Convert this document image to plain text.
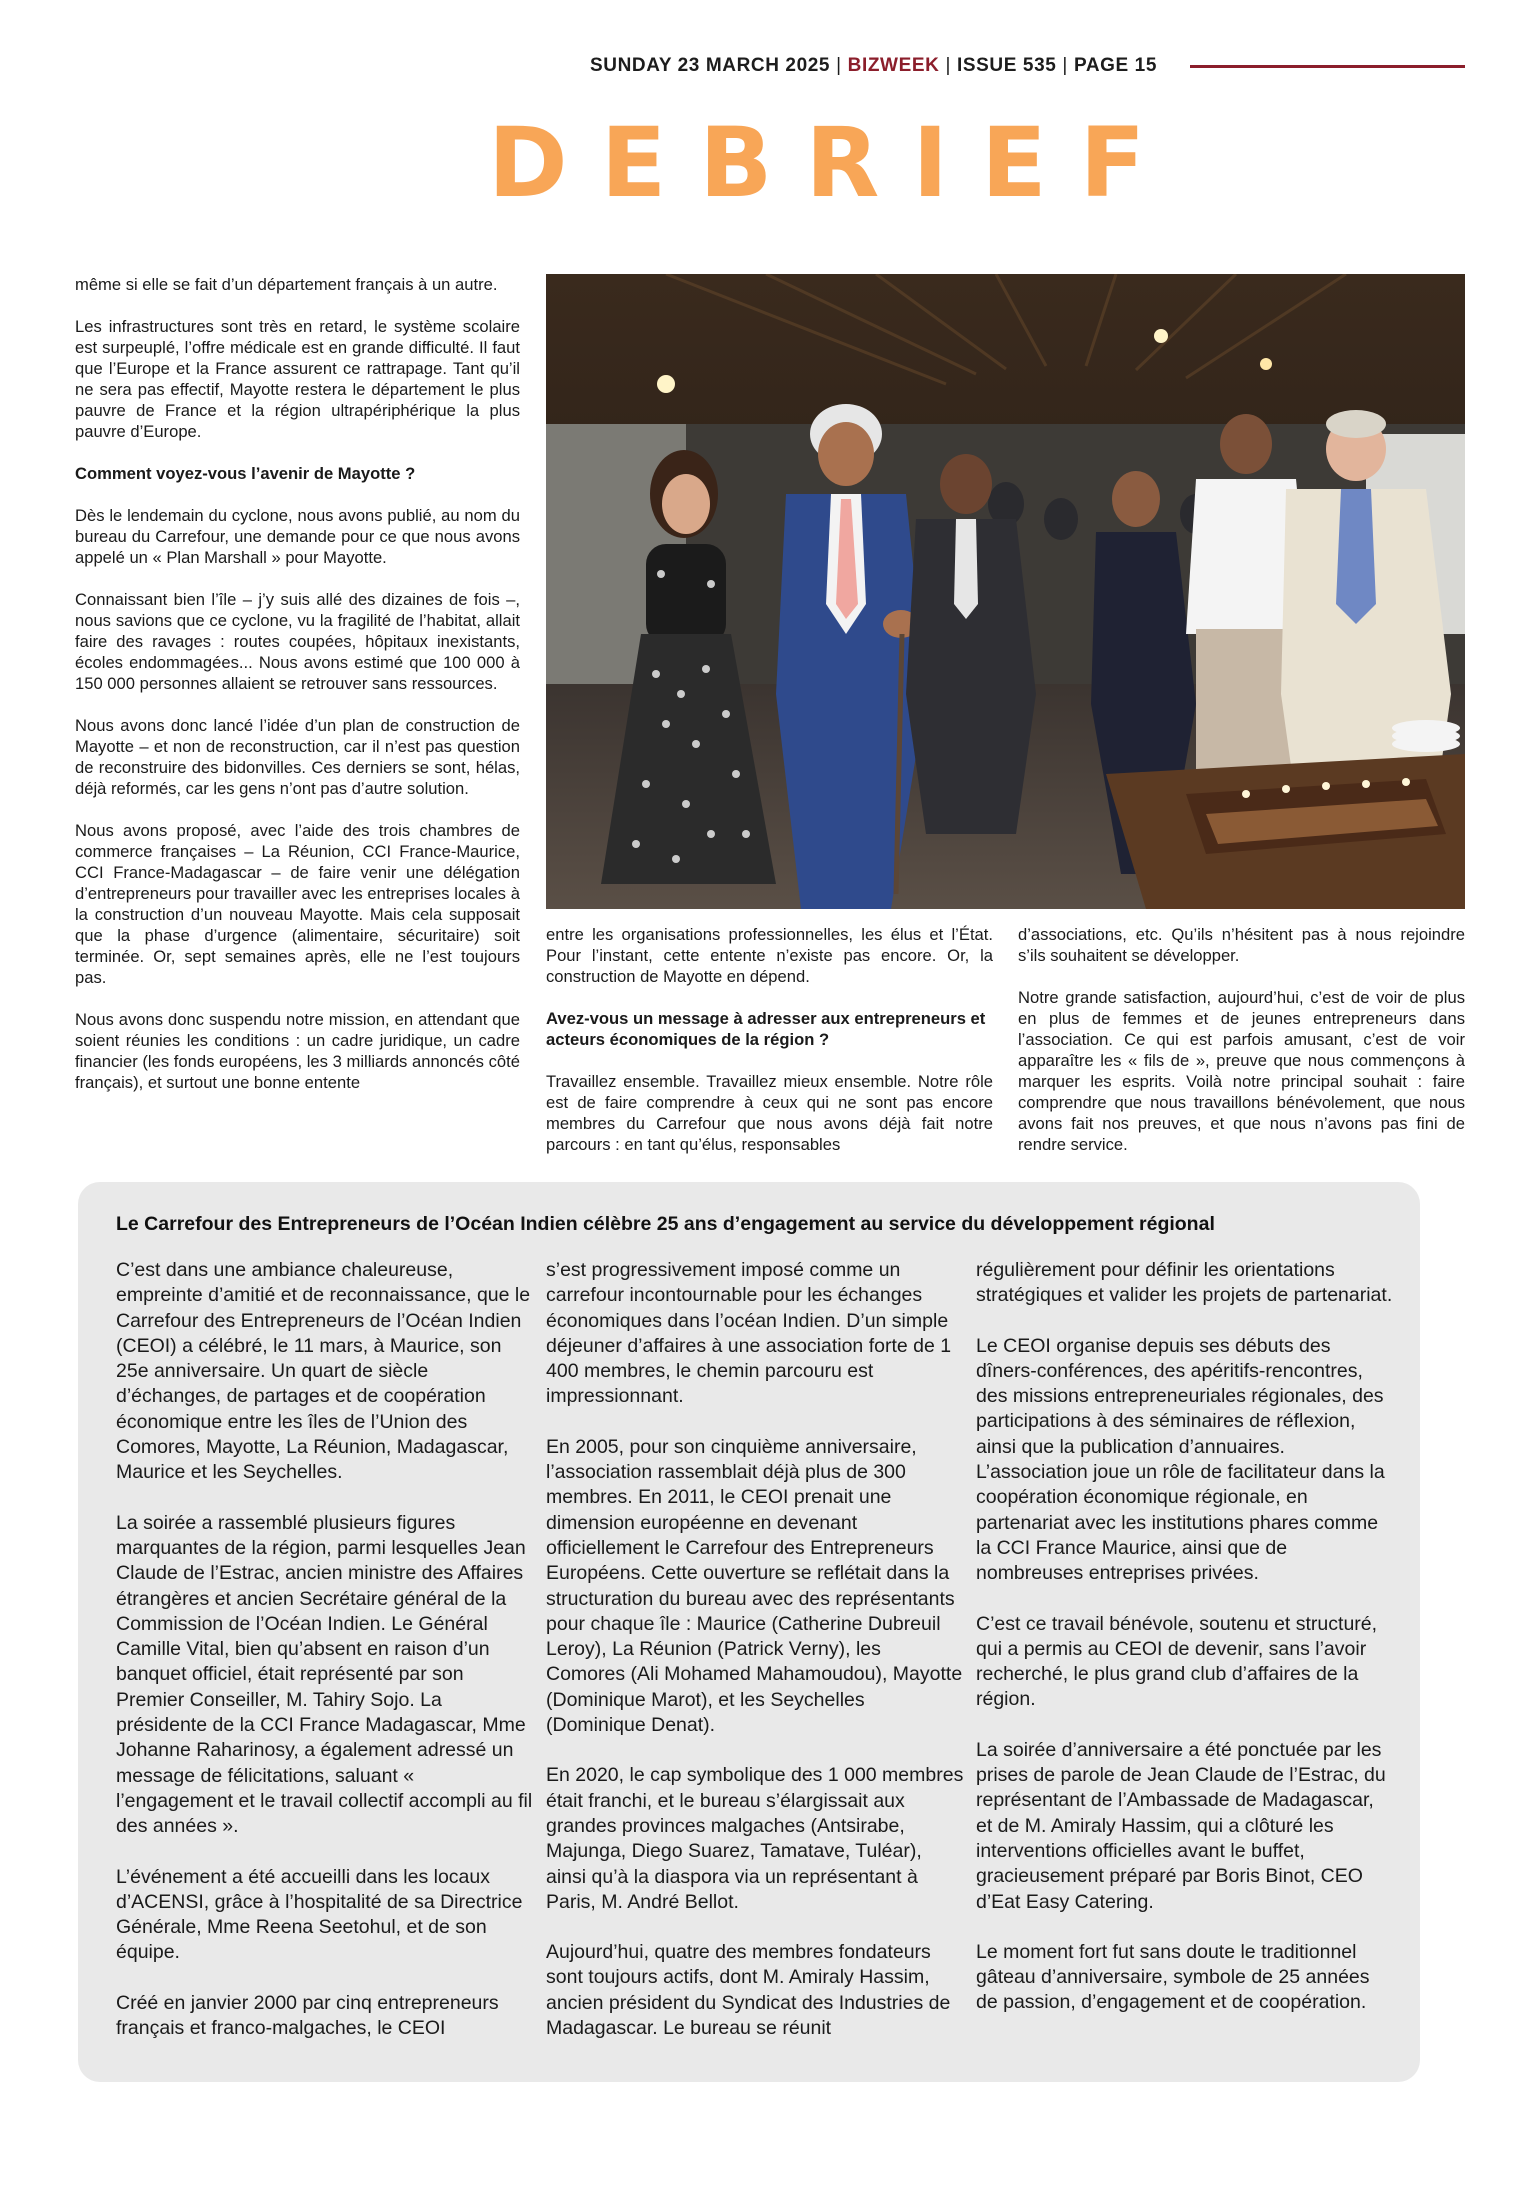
SUNDAY 23 MARCH 2025 | BIZWEEK | ISSUE 535 | PAGE 15
DEBRIEF

même si elle se fait d’un département français à un autre.

Les infrastructures sont très en retard, le système scolaire est surpeuplé, l’offre médicale est en grande difficulté. Il faut que l’Europe et la France assurent ce rattrapage. Tant qu’il ne sera pas effectif, Mayotte restera le département le plus pauvre de France et la région ultrapériphérique la plus pauvre d’Europe.

Comment voyez-vous l’avenir de Mayotte ?

Dès le lendemain du cyclone, nous avons publié, au nom du bureau du Carrefour, une demande pour ce que nous avons appelé un « Plan Marshall » pour Mayotte.

Connaissant bien l’île – j’y suis allé des dizaines de fois –, nous savions que ce cyclone, vu la fragilité de l’habitat, allait faire des ravages : routes coupées, hôpitaux inexistants, écoles endommagées... Nous avons estimé que 100 000 à 150 000 personnes allaient se retrouver sans ressources.

Nous avons donc lancé l’idée d’un plan de construction de Mayotte – et non de reconstruction, car il n’est pas question de reconstruire des bidonvilles. Ces derniers se sont, hélas, déjà reformés, car les gens n’ont pas d’autre solution.

Nous avons proposé, avec l’aide des trois chambres de commerce françaises – La Réunion, CCI France-Maurice, CCI France-Madagascar – de faire venir une délégation d’entrepreneurs pour travailler avec les entreprises locales à la construction d’un nouveau Mayotte. Mais cela supposait que la phase d’urgence (alimentaire, sécuritaire) soit terminée. Or, sept semaines après, elle ne l’est toujours pas.

Nous avons donc suspendu notre mission, en attendant que soient réunies les conditions : un cadre juridique, un cadre financier (les fonds européens, les 3 milliards annoncés côté français), et surtout une bonne entente

entre les organisations professionnelles, les élus et l’État. Pour l’instant, cette entente n’existe pas encore. Or, la construction de Mayotte en dépend.

Avez-vous un message à adresser aux entrepreneurs et acteurs économiques de la région ?

Travaillez ensemble. Travaillez mieux ensemble. Notre rôle est de faire comprendre à ceux qui ne sont pas encore membres du Carrefour que nous avons déjà fait notre parcours : en tant qu’élus, responsables

d’associations, etc. Qu’ils n’hésitent pas à nous rejoindre s’ils souhaitent se développer.

Notre grande satisfaction, aujourd’hui, c’est de voir de plus en plus de femmes et de jeunes entrepreneurs dans l’association. Ce qui est parfois amusant, c’est de voir apparaître les « fils de », preuve que nous commençons à marquer les esprits. Voilà notre principal souhait : faire comprendre que nous travaillons bénévolement, que nous avons fait nos preuves, et que nous n’avons pas fini de rendre service.

Le Carrefour des Entrepreneurs de l’Océan Indien célèbre 25 ans d’engagement au service du développement régional

C’est dans une ambiance chaleureuse, empreinte d’amitié et de reconnaissance, que le Carrefour des Entrepreneurs de l’Océan Indien (CEOI) a célébré, le 11 mars, à Maurice, son 25e anniversaire. Un quart de siècle d’échanges, de partages et de coopération économique entre les îles de l’Union des Comores, Mayotte, La Réunion, Madagascar, Maurice et les Seychelles.

La soirée a rassemblé plusieurs figures marquantes de la région, parmi lesquelles Jean Claude de l’Estrac, ancien ministre des Affaires étrangères et ancien Secrétaire général de la Commission de l’Océan Indien. Le Général Camille Vital, bien qu’absent en raison d’un banquet officiel, était représenté par son Premier Conseiller, M. Tahiry Sojo. La présidente de la CCI France Madagascar, Mme Johanne Raharinosy, a également adressé un message de félicitations, saluant « l’engagement et le travail collectif accompli au fil des années ».

L’événement a été accueilli dans les locaux d’ACENSI, grâce à l’hospitalité de sa Directrice Générale, Mme Reena Seetohul, et de son équipe.

Créé en janvier 2000 par cinq entrepreneurs français et franco-malgaches, le CEOI

s’est progressivement imposé comme un carrefour incontournable pour les échanges économiques dans l’océan Indien. D’un simple déjeuner d’affaires à une association forte de 1 400 membres, le chemin parcouru est impressionnant.

En 2005, pour son cinquième anniversaire, l’association rassemblait déjà plus de 300 membres. En 2011, le CEOI prenait une dimension européenne en devenant officiellement le Carrefour des Entrepreneurs Européens. Cette ouverture se reflétait dans la structuration du bureau avec des représentants pour chaque île : Maurice (Catherine Dubreuil Leroy), La Réunion (Patrick Verny), les Comores (Ali Mohamed Mahamoudou), Mayotte (Dominique Marot), et les Seychelles (Dominique Denat).

En 2020, le cap symbolique des 1 000 membres était franchi, et le bureau s’élargissait aux grandes provinces malgaches (Antsirabe, Majunga, Diego Suarez, Tamatave, Tuléar), ainsi qu’à la diaspora via un représentant à Paris, M. André Bellot.

Aujourd’hui, quatre des membres fondateurs sont toujours actifs, dont M. Amiraly Hassim, ancien président du Syndicat des Industries de Madagascar. Le bureau se réunit

régulièrement pour définir les orientations stratégiques et valider les projets de partenariat.

Le CEOI organise depuis ses débuts des dîners-conférences, des apéritifs-rencontres, des missions entrepreneuriales régionales, des participations à des séminaires de réflexion, ainsi que la publication d’annuaires. L’association joue un rôle de facilitateur dans la coopération économique régionale, en partenariat avec les institutions phares comme la CCI France Maurice, ainsi que de nombreuses entreprises privées.

C’est ce travail bénévole, soutenu et structuré, qui a permis au CEOI de devenir, sans l’avoir recherché, le plus grand club d’affaires de la région.

La soirée d’anniversaire a été ponctuée par les prises de parole de Jean Claude de l’Estrac, du représentant de l’Ambassade de Madagascar, et de M. Amiraly Hassim, qui a clôturé les interventions officielles avant le buffet, gracieusement préparé par Boris Binot, CEO d’Eat Easy Catering.

Le moment fort fut sans doute le traditionnel gâteau d’anniversaire, symbole de 25 années de passion, d’engagement et de coopération.
